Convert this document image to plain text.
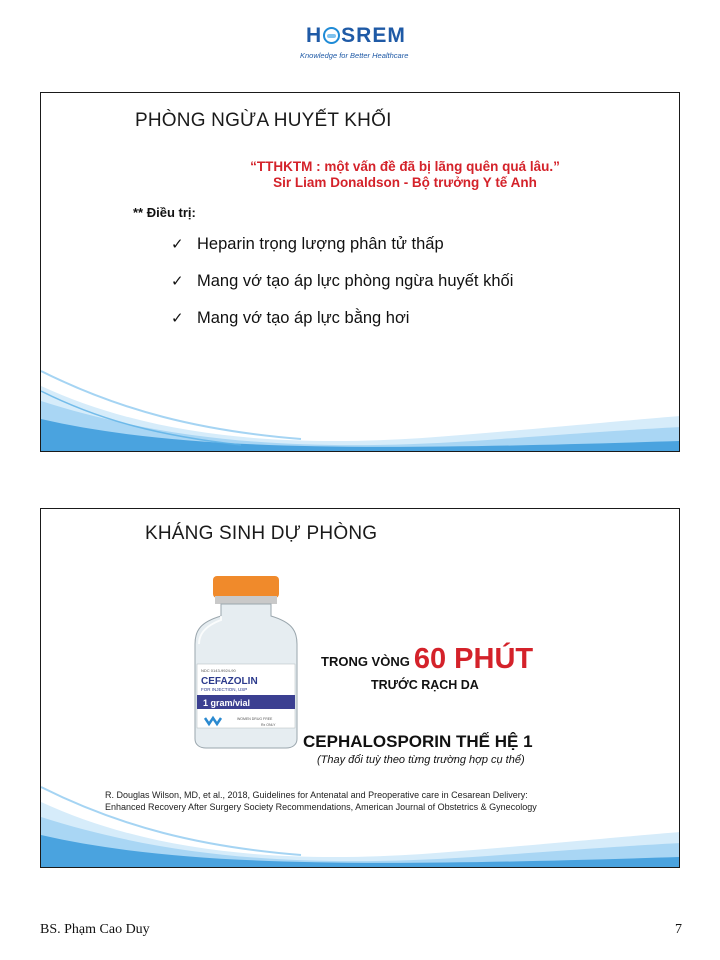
H SREM
Knowledge for Better Healthcare
PHÒNG NGỪA HUYẾT KHỐI
“TTHKTM : một vấn đề đã bị lãng quên quá lâu.”
Sir Liam Donaldson - Bộ trưởng Y tế Anh
** Điều trị:
✓ Heparin trọng lượng phân tử thấp
✓ Mang vớ tạo áp lực phòng ngừa huyết khối
✓ Mang vớ tạo áp lực bằng hơi
KHÁNG SINH DỰ PHÒNG
NDC 0143-9924-90
CEFAZOLIN
FOR INJECTION, USP
1 gram/vial
WOMEN DRUG FREE
Rx ONLY
TRONG VÒNG 60 PHÚT
TRƯỚC RẠCH DA
CEPHALOSPORIN THẾ HỆ 1
(Thay đổi tuỳ theo từng trường hợp cụ thể)
R. Douglas Wilson, MD, et al., 2018, Guidelines for Antenatal and Preoperative care in Cesarean Delivery:
Enhanced Recovery After Surgery Society Recommendations, American Journal of Obstetrics & Gynecology
BS. Phạm Cao Duy	7
